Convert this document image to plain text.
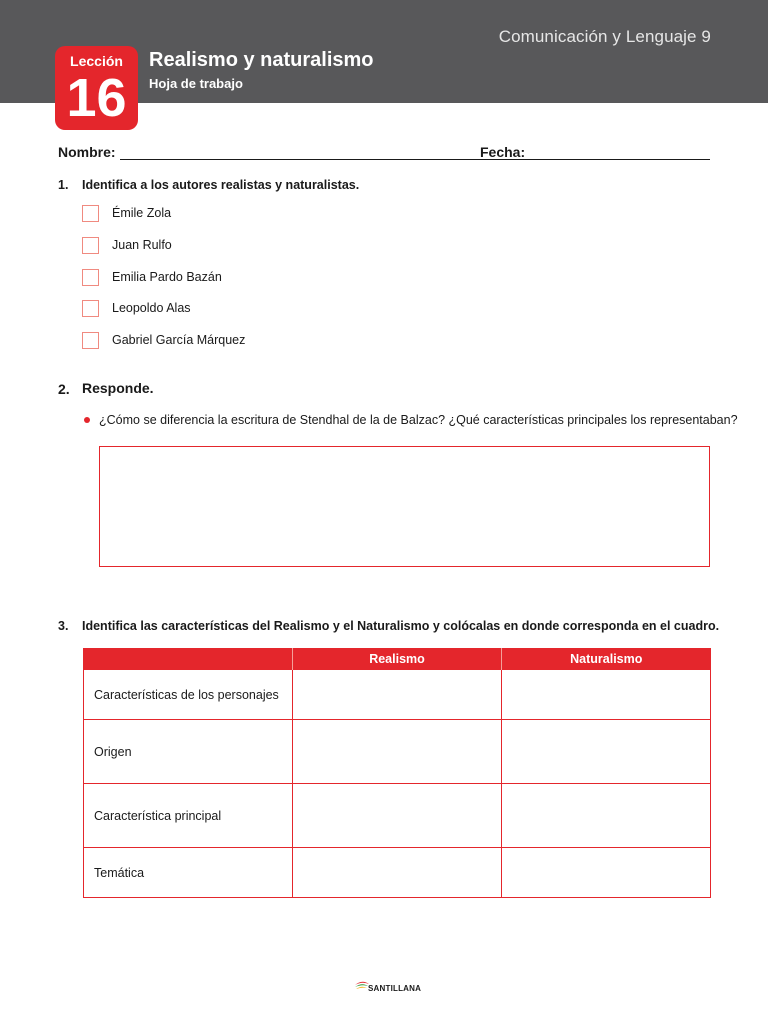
Comunicación y Lenguaje 9
Realismo y naturalismo
Hoja de trabajo
Lección
16
Nombre:	Fecha:
1. Identifica a los autores realistas y naturalistas.
Émile Zola
Juan Rulfo
Emilia Pardo Bazán
Leopoldo Alas
Gabriel García Márquez
2. Responde.
¿Cómo se diferencia la escritura de Stendhal de la de Balzac? ¿Qué características principales los representaban?
3. Identifica las características del Realismo y el Naturalismo y colócalas en donde corresponda en el cuadro.
	Realismo	Naturalismo
Características de los personajes		
Origen		
Característica principal		
Temática		
SANTILLANA
